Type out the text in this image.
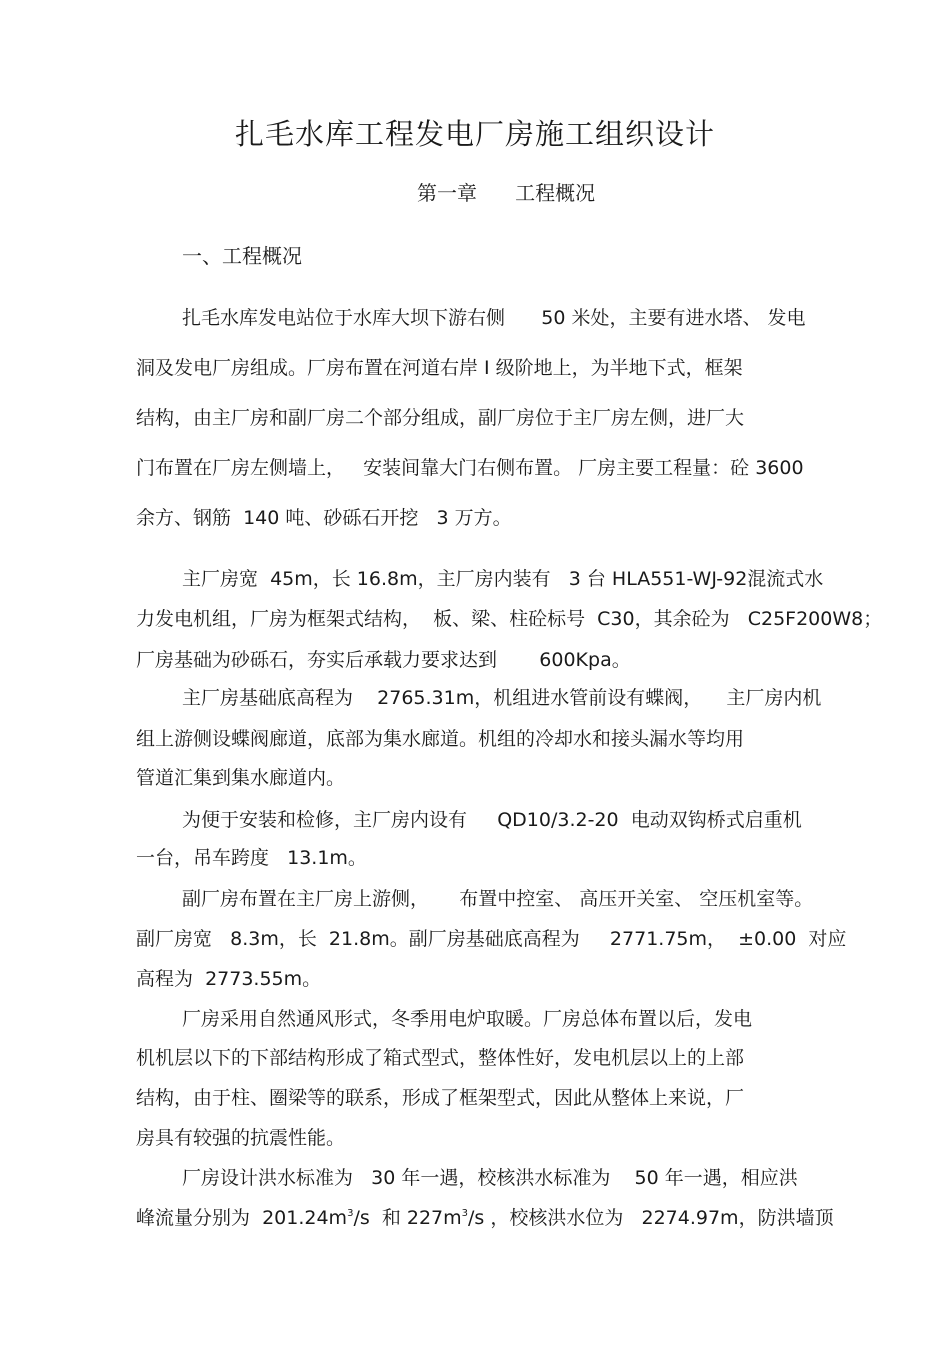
扎毛水库工程发电厂房施工组织设计
第一章      工程概况
一、工程概况
扎毛水库发电站位于水库大坝下游右侧      50 米处，主要有进水塔、 发电
洞及发电厂房组成。厂房布置在河道右岸 I 级阶地上，为半地下式，框架
结构，由主厂房和副厂房二个部分组成，副厂房位于主厂房左侧，进厂大
门布置在厂房左侧墙上，   安装间靠大门右侧布置。 厂房主要工程量：砼 3600
余方、钢筋  140 吨、砂砾石开挖   3 万方。
主厂房宽  45m，长 16.8m，主厂房内装有   3 台 HLA551-WJ-92混流式水
力发电机组，厂房为框架式结构，  板、梁、柱砼标号  C30，其余砼为   C25F200W8；
厂房基础为砂砾石，夯实后承载力要求达到       600Kpa。
主厂房基础底高程为    2765.31m，机组进水管前设有蝶阀，    主厂房内机
组上游侧设蝶阀廊道，底部为集水廊道。机组的冷却水和接头漏水等均用
管道汇集到集水廊道内。
为便于安装和检修，主厂房内设有     QD10/3.2-20  电动双钩桥式启重机
一台，吊车跨度   13.1m。
副厂房布置在主厂房上游侧，     布置中控室、 高压开关室、 空压机室等。
副厂房宽   8.3m，长  21.8m。副厂房基础底高程为     2771.75m，  ±0.00  对应
高程为  2773.55m。
厂房采用自然通风形式，冬季用电炉取暖。厂房总体布置以后，发电
机机层以下的下部结构形成了箱式型式，整体性好，发电机层以上的上部
结构，由于柱、圈梁等的联系，形成了框架型式，因此从整体上来说，厂
房具有较强的抗震性能。
厂房设计洪水标准为   30 年一遇，校核洪水标准为    50 年一遇，相应洪
峰流量分别为  $201.24m^3/s$  和 $227m^3/s$ ，校核洪水位为   2274.97m，防洪墙顶
